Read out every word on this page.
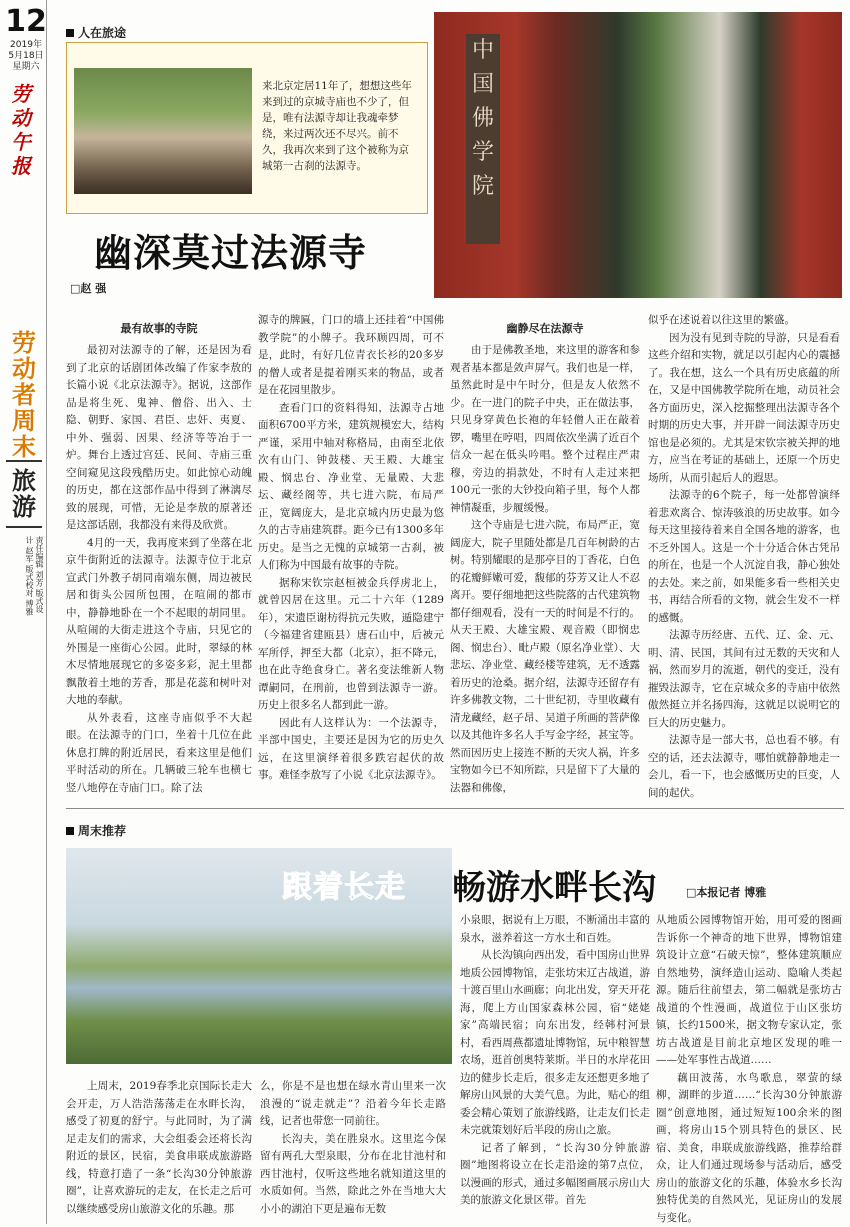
12
2019年
5月18日
星期六
劳动午报
劳动者周末
旅游
责任编辑 刘芳 版式设计 赵军 版式校对 博雅
人在旅途
来北京定居11年了，想想这些年来到过的京城寺庙也不少了，但是，唯有法源寺却让我魂牵梦绕，来过两次还不尽兴。前不久，我再次来到了这个被称为京城第一古刹的法源寺。
中国佛学院
幽深莫过法源寺
□赵 强
最有故事的寺院

最初对法源寺的了解，还是因为看到了北京的话剧团体改编了作家李敖的长篇小说《北京法源寺》。据说，这部作品是将生死、鬼神、僧俗、出入、士隐、朝野、家国、君臣、忠奸、夷夏、中外、强弱、因果、经济等等冶于一炉。舞台上透过宫廷、民间、寺庙三重空间窥见这段残酷历史。如此惊心动魄的历史，都在这部作品中得到了淋漓尽致的展现，可惜，无论是李敖的原著还是这部话剧，我都没有来得及欣赏。

4月的一天，我再度来到了坐落在北京牛街附近的法源寺。法源寺位于北京宣武门外教子胡同南端东侧，周边被民居和街头公园所包围，在喧闹的都市中，静静地卧在一个不起眼的胡同里。从喧闹的大街走进这个寺庙，只见它的外围是一座街心公园。此时，翠绿的林木尽情地展现它的多姿多彩，泥土里都飘散着土地的芳香，那是花蕊和树叶对大地的奉献。

从外表看，这座寺庙似乎不大起眼。在法源寺的门口，坐着十几位在此休息打牌的附近居民，看来这里是他们平时活动的所在。几辆破三轮车也横七竖八地停在寺庙门口。除了法

源寺的牌匾，门口的墙上还挂着“中国佛教学院”的小牌子。我环顾四周，可不是，此时，有好几位青衣长衫的20多岁的僧人或者是提着刚买来的物品，或者是在花园里散步。

查看门口的资料得知，法源寺占地面积6700平方米，建筑规模宏大，结构严谨，采用中轴对称格局，由南至北依次有山门、钟鼓楼、天王殿、大雄宝殿、悯忠台、净业堂、无量殿、大悲坛、藏经阁等，共七进六院，布局严正，宽阔庞大，是北京城内历史最为悠久的古寺庙建筑群。距今已有1300多年历史。是当之无愧的京城第一古刹，被人们称为中国最有故事的寺院。

据称宋钦宗赵桓被金兵俘虏北上，就曾囚居在这里。元二十六年（1289年），宋遗臣谢枋得抗元失败，遁隐建宁（今福建省建瓯县）唐石山中，后被元军所俘，押至大都（北京），拒不降元，也在此寺绝食身亡。著名变法维新人物谭嗣同，在刑前，也曾到法源寺一游。历史上很多名人都到此一游。

因此有人这样认为：一个法源寺，半部中国史，主要还是因为它的历史久远，在这里演绎着很多跌宕起伏的故事。难怪李敖写了小说《北京法源寺》。

幽静尽在法源寺

由于是佛教圣地，来这里的游客和参观者基本都是敛声屏气。我们也是一样，虽然此时是中午时分，但是友人依然不少。在一进门的院子中央，正在做法事，只见身穿黄色长袍的年轻僧人正在敲着锣，嘴里在哼唱，四周依次坐满了近百个信众一起在低头吟唱。整个过程庄严肃穆，旁边的捐款处，不时有人走过来把100元一张的大钞投向箱子里，每个人都神情凝重，步履缓慢。

这个寺庙是七进六院，布局严正，宽阔庞大，院子里随处都是几百年树龄的古树。特别耀眼的是那亭目的丁香花，白色的花瓣鲜嫩可爱，馥郁的芬芳又让人不忍离开。要仔细地把这些院落的古代建筑物都仔细观看，没有一天的时间是不行的。从天王殿、大雄宝殿、观音殿（即悯忠阁、悯忠台）、毗卢殿（原名净业堂）、大悲坛、净业堂、藏经楼等建筑，无不透露着历史的沧桑。据介绍，法源寺还留存有许多佛教文物，二十世纪初，寺里收藏有清龙藏经，赵子昂、吴道子所画的菩萨像以及其他许多名人手写金字经，甚宝等。然而因历史上接连不断的天灾人祸，许多宝物如今已不知所踪，只是留下了大量的法器和佛像，

似乎在述说着以往这里的繁盛。

因为没有见到寺院的导游，只是看看这些介绍和实物，就足以引起内心的震撼了。我在想，这么一个具有历史底蕴的所在，又是中国佛教学院所在地，动员社会各方面历史，深入挖掘整理出法源寺各个时期的历史大事，并开辟一间法源寺历史馆也是必须的。尤其是宋钦宗被关押的地方，应当在考证的基础上，还原一个历史场所，从而引起后人的遐思。

法源寺的6个院子，每一处都曾演绎着悲欢离合、惊涛骇浪的历史故事。如今每天这里接待着来自全国各地的游客，也不乏外国人。这是一个十分适合休古凭吊的所在，也是一个人沉淀自我，静心独处的去处。来之前，如果能多看一些相关史书，再结合所看的文物，就会生发不一样的感慨。

法源寺历经唐、五代、辽、金、元、明、清、民国，其间有过无数的天灾和人祸，然而岁月的流逝，朝代的变迁，没有摧毁法源寺，它在京城众多的寺庙中依然傲然挺立并名扬四海，这就足以说明它的巨大的历史魅力。

法源寺是一部大书，总也看不够。有空的话，还去法源寺，哪怕就静静地走一会儿，看一下，也会感慨历史的巨变，人间的起伏。

周末推荐
跟着长走 畅游水畔长沟	□本报记者 博雅

上周末，2019春季北京国际长走大会开走，万人浩浩荡荡走在水畔长沟，感受了初夏的舒宁。与此同时，为了满足走友们的需求，大会组委会还将长沟附近的景区，民宿，美食串联成旅游路线，特意打造了一条“长沟30分钟旅游圈”，让喜欢游玩的走友，在长走之后可以继续感受房山旅游文化的乐趣。那

么，你是不是也想在绿水青山里来一次浪漫的“说走就走”？沿着今年长走路线，记者也带您一同前往。

长沟夫，美在胜泉水。这里迄今保留有两孔大型泉眼，分布在北甘池村和西甘池村，仅听这些地名就知道这里的水质如何。当然，除此之外在当地大大小小的湖泊下更是遍布无数

小泉眼，据说有上万眼，不断涌出丰富的泉水，滋养着这一方水土和百姓。

从长沟镇向西出发，看中国房山世界地质公园博物馆，走张坊宋辽古战道，游十渡百里山水画廊；向北出发，穿天开花海，爬上方山国家森林公园，宿“姥姥家”高端民宿；向东出发，经韩村河景村，看西周燕都遗址博物馆，玩中粮智慧农场，逛首创奥特莱斯。半日的水岸花田边的健步长走后，很多走友还想更多地了解房山风景的大美气息。为此，贴心的组委会精心策划了旅游线路，让走友们长走未完就策划好后半段的房山之旅。

记者了解到，“长沟30分钟旅游圈”地图将设立在长走沿途的第7点位，以漫画的形式，通过多幅图画展示房山大美的旅游文化景区带。首先

从地质公园博物馆开始，用可爱的图画告诉你一个神奇的地下世界，博物馆建筑设计立意“石破天惊”，整体建筑顺应自然地势，演绎造山运动、隐喻人类起源。随后往前望去，第二幅就是张坊古战道的个性漫画，战道位于山区张坊镇，长约1500米，据文物专家认定，张坊古战道是目前北京地区发现的唯一——处军事性古战道……

藕田波荡，水鸟歌息，翠萤的绿柳，湖畔的步道……“长沟30分钟旅游圈”创意地图，通过短短100余米的图画，将房山15个别具特色的景区、民宿、美食，串联成旅游线路，推荐给群众，让人们通过现场参与活动后，感受房山的旅游文化的乐趣，体验水乡长沟独特优美的自然风光，见证房山的发展与变化。
